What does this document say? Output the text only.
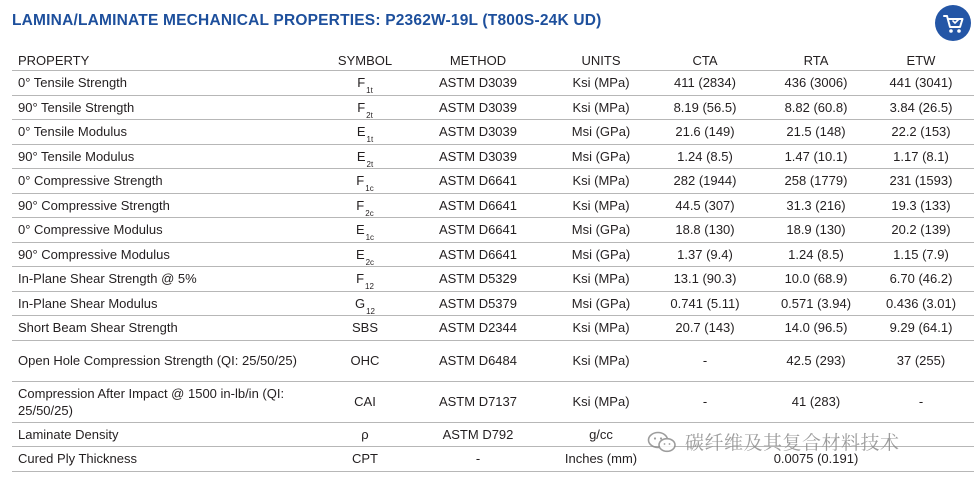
LAMINA/LAMINATE MECHANICAL PROPERTIES: P2362W-19L (T800S-24K UD)
PROPERTY	SYMBOL	METHOD	UNITS	CTA	RTA	ETW
0° Tensile Strength	$F_{1t}$	ASTM D3039	Ksi (MPa)	411 (2834)	436 (3006)	441 (3041)
90° Tensile Strength	$F_{2t}$	ASTM D3039	Ksi (MPa)	8.19 (56.5)	8.82 (60.8)	3.84 (26.5)
0° Tensile Modulus	$E_{1t}$	ASTM D3039	Msi (GPa)	21.6 (149)	21.5 (148)	22.2 (153)
90° Tensile Modulus	$E_{2t}$	ASTM D3039	Msi (GPa)	1.24 (8.5)	1.47 (10.1)	1.17 (8.1)
0° Compressive Strength	$F_{1c}$	ASTM D6641	Ksi (MPa)	282 (1944)	258 (1779)	231 (1593)
90° Compressive Strength	$F_{2c}$	ASTM D6641	Ksi (MPa)	44.5 (307)	31.3 (216)	19.3 (133)
0° Compressive Modulus	$E_{1c}$	ASTM D6641	Msi (GPa)	18.8 (130)	18.9 (130)	20.2 (139)
90° Compressive Modulus	$E_{2c}$	ASTM D6641	Msi (GPa)	1.37 (9.4)	1.24 (8.5)	1.15 (7.9)
In-Plane Shear Strength @ 5%	$F_{12}$	ASTM D5329	Ksi (MPa)	13.1 (90.3)	10.0 (68.9)	6.70 (46.2)
In-Plane Shear Modulus	$G_{12}$	ASTM D5379	Msi (GPa)	0.741 (5.11)	0.571 (3.94)	0.436 (3.01)
Short Beam Shear Strength	SBS	ASTM D2344	Ksi (MPa)	20.7 (143)	14.0 (96.5)	9.29 (64.1)
Open Hole Compression Strength (QI: 25/50/25)	OHC	ASTM D6484	Ksi (MPa)	-	42.5 (293)	37 (255)
Compression After Impact @ 1500 in-lb/in (QI: 25/50/25)	CAI	ASTM D7137	Ksi (MPa)	-	41 (283)	-
Laminate Density	ρ	ASTM D792	g/cc			
Cured Ply Thickness	CPT	-	Inches (mm)		0.0075 (0.191)	
碳纤维及其复合材料技术
